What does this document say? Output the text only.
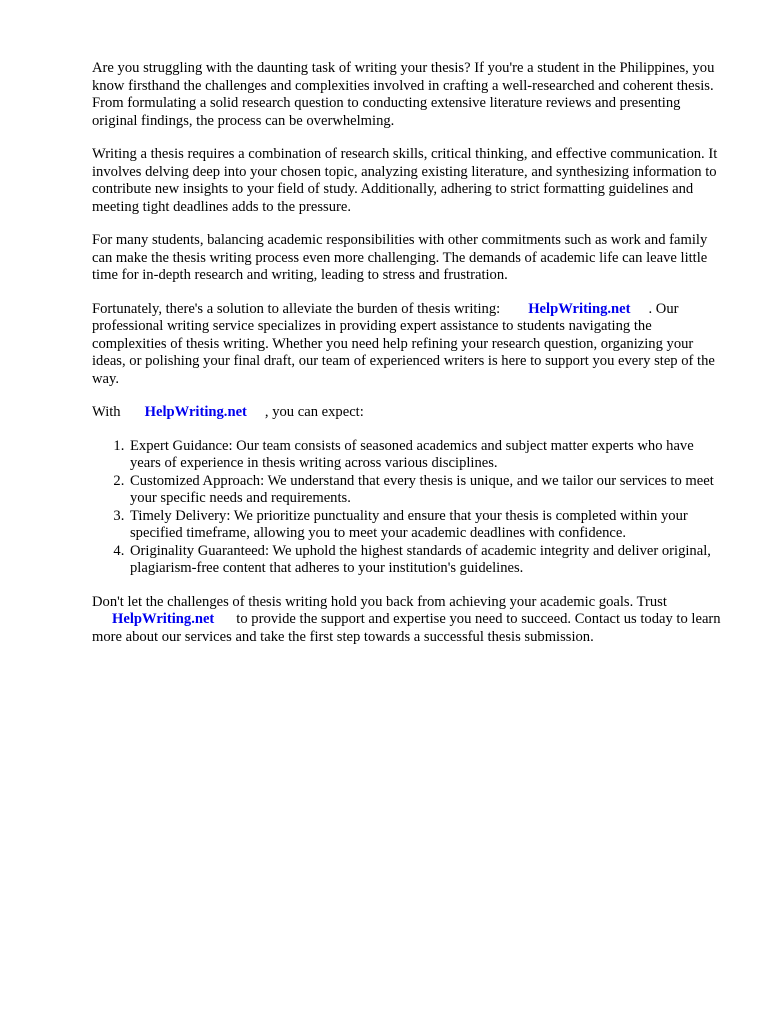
Are you struggling with the daunting task of writing your thesis? If you're a student in the Philippines, you know firsthand the challenges and complexities involved in crafting a well-researched and coherent thesis. From formulating a solid research question to conducting extensive literature reviews and presenting original findings, the process can be overwhelming.

Writing a thesis requires a combination of research skills, critical thinking, and effective communication. It involves delving deep into your chosen topic, analyzing existing literature, and synthesizing information to contribute new insights to your field of study. Additionally, adhering to strict formatting guidelines and meeting tight deadlines adds to the pressure.

For many students, balancing academic responsibilities with other commitments such as work and family can make the thesis writing process even more challenging. The demands of academic life can leave little time for in-depth research and writing, leading to stress and frustration.

Fortunately, there's a solution to alleviate the burden of thesis writing: HelpWriting.net . Our professional writing service specializes in providing expert assistance to students navigating the complexities of thesis writing. Whether you need help refining your research question, organizing your ideas, or polishing your final draft, our team of experienced writers is here to support you every step of the way.

With HelpWriting.net , you can expect:

1. Expert Guidance: Our team consists of seasoned academics and subject matter experts who have years of experience in thesis writing across various disciplines.
2. Customized Approach: We understand that every thesis is unique, and we tailor our services to meet your specific needs and requirements.
3. Timely Delivery: We prioritize punctuality and ensure that your thesis is completed within your specified timeframe, allowing you to meet your academic deadlines with confidence.
4. Originality Guaranteed: We uphold the highest standards of academic integrity and deliver original, plagiarism-free content that adheres to your institution's guidelines.

Don't let the challenges of thesis writing hold you back from achieving your academic goals. Trust
HelpWriting.net to provide the support and expertise you need to succeed. Contact us today to learn more about our services and take the first step towards a successful thesis submission.
